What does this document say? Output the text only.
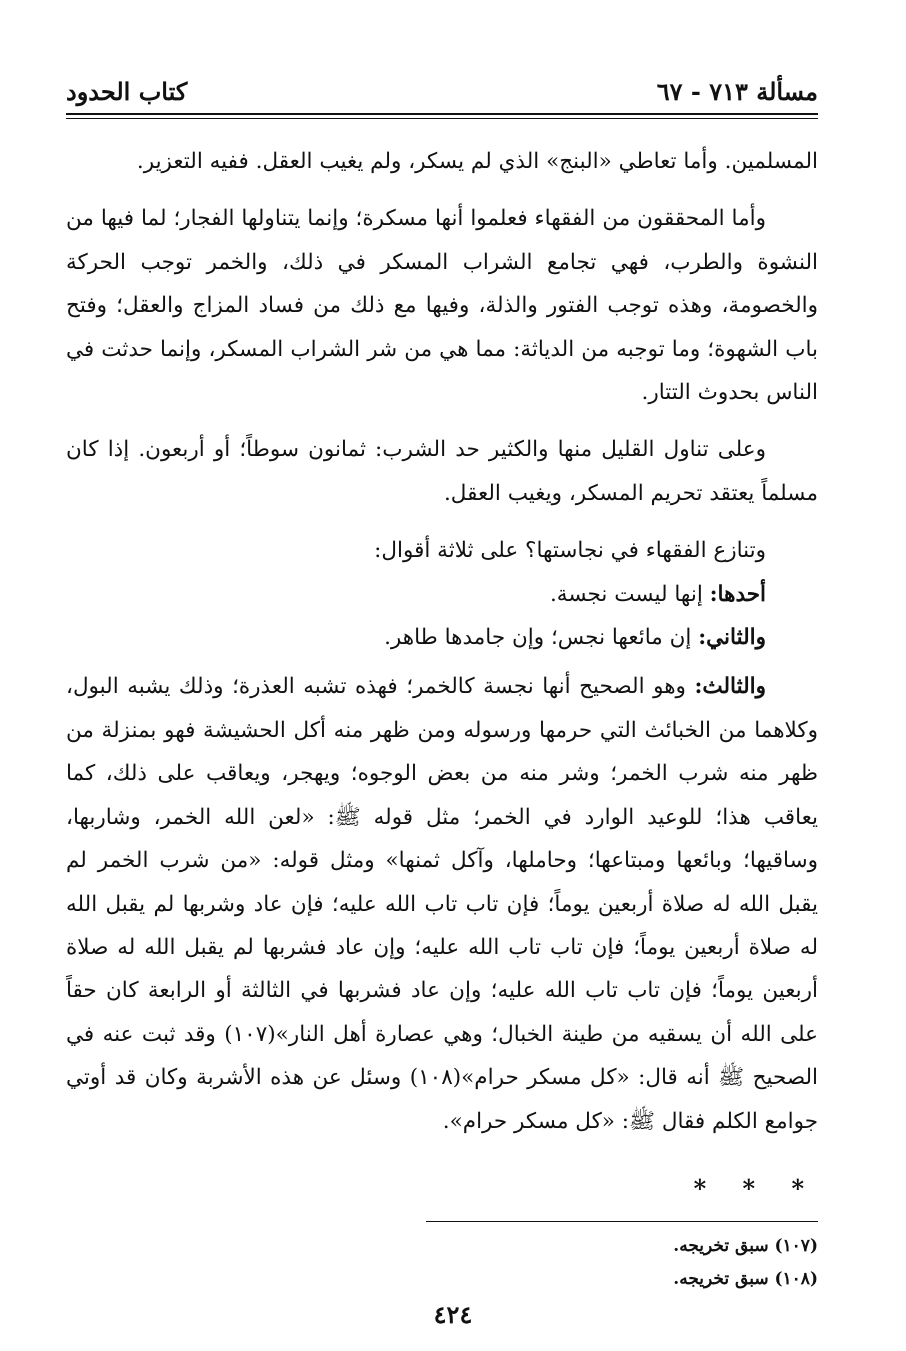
مسألة ٧١٣ - ٦٧
كتاب الحدود

المسلمين. وأما تعاطي «البنج» الذي لم يسكر، ولم يغيب العقل. ففيه التعزير.

وأما المحققون من الفقهاء فعلموا أنها مسكرة؛ وإنما يتناولها الفجار؛ لما فيها من النشوة والطرب، فهي تجامع الشراب المسكر في ذلك، والخمر توجب الحركة والخصومة، وهذه توجب الفتور والذلة، وفيها مع ذلك من فساد المزاج والعقل؛ وفتح باب الشهوة؛ وما توجبه من الدياثة: مما هي من شر الشراب المسكر، وإنما حدثت في الناس بحدوث التتار.

وعلى تناول القليل منها والكثير حد الشرب: ثمانون سوطاً؛ أو أربعون. إذا كان مسلماً يعتقد تحريم المسكر، ويغيب العقل.

وتنازع الفقهاء في نجاستها؟ على ثلاثة أقوال:

أحدها: إنها ليست نجسة.

والثاني: إن مائعها نجس؛ وإن جامدها طاهر.

والثالث: وهو الصحيح أنها نجسة كالخمر؛ فهذه تشبه العذرة؛ وذلك يشبه البول، وكلاهما من الخبائث التي حرمها ورسوله ومن ظهر منه أكل الحشيشة فهو بمنزلة من ظهر منه شرب الخمر؛ وشر منه من بعض الوجوه؛ ويهجر، ويعاقب على ذلك، كما يعاقب هذا؛ للوعيد الوارد في الخمر؛ مثل قوله ﷺ: «لعن الله الخمر، وشاربها، وساقيها؛ وبائعها ومبتاعها؛ وحاملها، وآكل ثمنها» ومثل قوله: «من شرب الخمر لم يقبل الله له صلاة أربعين يوماً؛ فإن تاب تاب الله عليه؛ فإن عاد وشربها لم يقبل الله له صلاة أربعين يوماً؛ فإن تاب تاب الله عليه؛ وإن عاد فشربها لم يقبل الله له صلاة أربعين يوماً؛ فإن تاب تاب الله عليه؛ وإن عاد فشربها في الثالثة أو الرابعة كان حقاً على الله أن يسقيه من طينة الخبال؛ وهي عصارة أهل النار»(١٠٧) وقد ثبت عنه في الصحيح ﷺ أنه قال: «كل مسكر حرام»(١٠٨) وسئل عن هذه الأشربة وكان قد أوتي جوامع الكلم فقال ﷺ: «كل مسكر حرام».

* * *

(١٠٧) سبق تخريجه.

(١٠٨) سبق تخريجه.

٤٢٤
